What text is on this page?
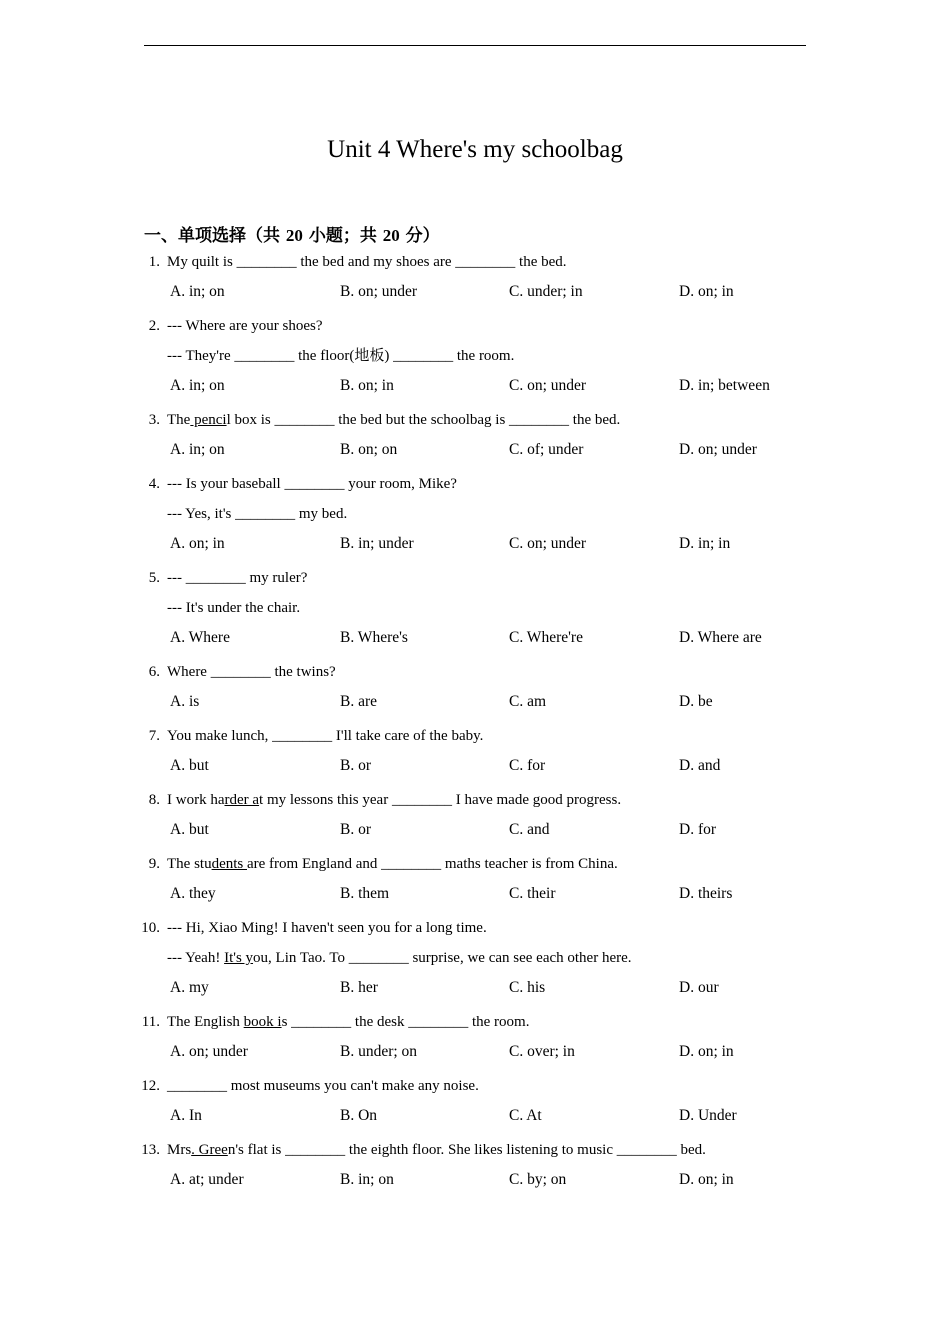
Unit 4 Where's my schoolbag
一、单项选择（共 20 小题；共 20 分）
1. My quilt is ________ the bed and my shoes are ________ the bed.
A. in; on	B. on; under	C. under; in	D. on; in
2. --- Where are your shoes?
--- They're ________ the floor(地板) ________ the room.
A. in; on	B. on; in	C. on; under	D. in; between
3. The pencil box is ________ the bed but the schoolbag is ________ the bed.
A. in; on	B. on; on	C. of; under	D. on; under
4. --- Is your baseball ________ your room, Mike?
--- Yes, it's ________ my bed.
A. on; in	B. in; under	C. on; under	D. in; in
5. --- ________ my ruler?
--- It's under the chair.
A. Where	B. Where's	C. Where're	D. Where are
6. Where ________ the twins?
A. is	B. are	C. am	D. be
7. You make lunch, ________ I'll take care of the baby.
A. but	B. or	C. for	D. and
8. I work harder at my lessons this year ________ I have made good progress.
A. but	B. or	C. and	D. for
9. The students are from England and ________ maths teacher is from China.
A. they	B. them	C. their	D. theirs
10. --- Hi, Xiao Ming! I haven't seen you for a long time.
--- Yeah! It's you, Lin Tao. To ________ surprise, we can see each other here.
A. my	B. her	C. his	D. our
11. The English book is ________ the desk ________ the room.
A. on; under	B. under; on	C. over; in	D. on; in
12. ________ most museums you can't make any noise.
A. In	B. On	C. At	D. Under
13. Mrs. Green's flat is ________ the eighth floor. She likes listening to music ________ bed.
A. at; under	B. in; on	C. by; on	D. on; in
